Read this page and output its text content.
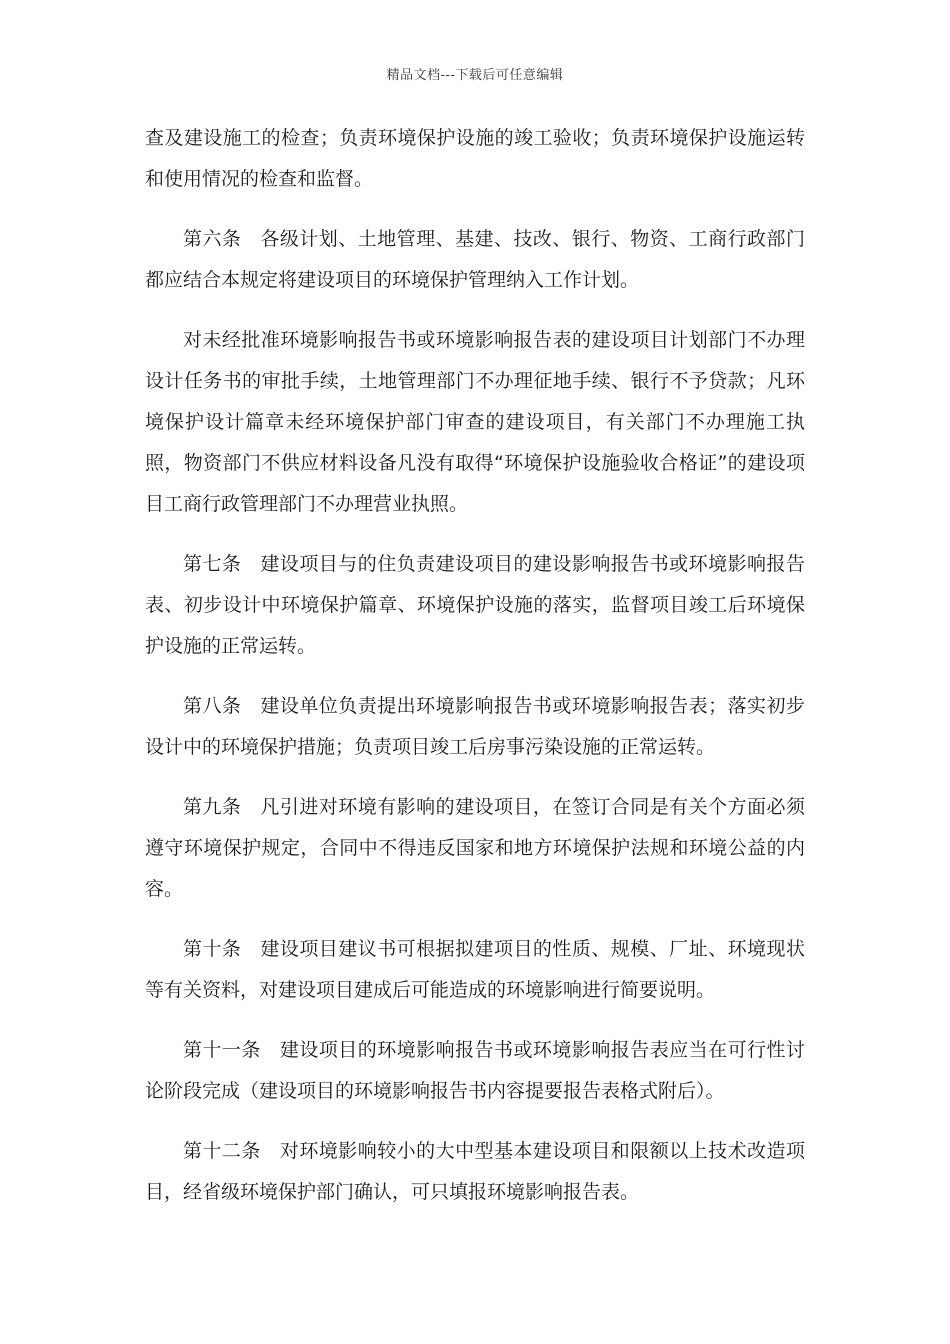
精品文档---下载后可任意编辑

查及建设施工的检查；负责环境保护设施的竣工验收；负责环境保护设施运转和使用情况的检查和监督。

第六条 各级计划、土地管理、基建、技改、银行、物资、工商行政部门都应结合本规定将建设项目的环境保护管理纳入工作计划。

对未经批准环境影响报告书或环境影响报告表的建设项目计划部门不办理设计任务书的审批手续，土地管理部门不办理征地手续、银行不予贷款；凡环境保护设计篇章未经环境保护部门审查的建设项目，有关部门不办理施工执照，物资部门不供应材料设备凡没有取得“环境保护设施验收合格证”的建设项目工商行政管理部门不办理营业执照。

第七条 建设项目与的住负责建设项目的建设影响报告书或环境影响报告表、初步设计中环境保护篇章、环境保护设施的落实，监督项目竣工后环境保护设施的正常运转。

第八条 建设单位负责提出环境影响报告书或环境影响报告表；落实初步设计中的环境保护措施；负责项目竣工后房事污染设施的正常运转。

第九条 凡引进对环境有影响的建设项目，在签订合同是有关个方面必须遵守环境保护规定，合同中不得违反国家和地方环境保护法规和环境公益的内容。

第十条 建设项目建议书可根据拟建项目的性质、规模、厂址、环境现状等有关资料，对建设项目建成后可能造成的环境影响进行简要说明。

第十一条 建设项目的环境影响报告书或环境影响报告表应当在可行性讨论阶段完成（建设项目的环境影响报告书内容提要报告表格式附后）。

第十二条 对环境影响较小的大中型基本建设项目和限额以上技术改造项目，经省级环境保护部门确认，可只填报环境影响报告表。
